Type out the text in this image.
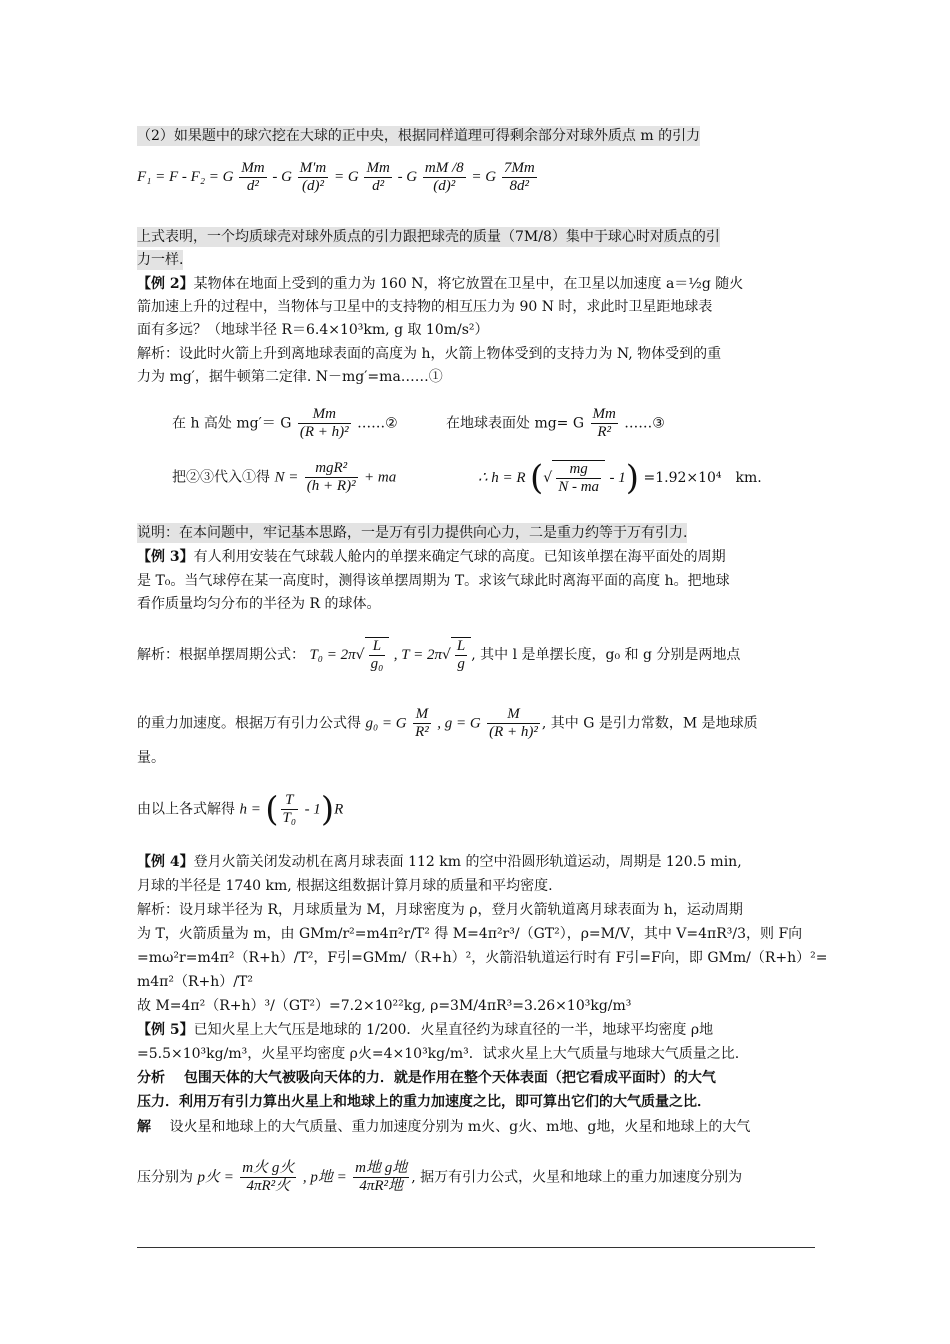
（2）如果题中的球穴挖在大球的正中央，根据同样道理可得剩余部分对球外质点 m 的引力
F₁ = F - F₂ = G $\frac{Mm}{\text{d²}} - G \frac{M'm}{\text{(d)²}} = G \frac{Mm}{\text{d²}} - G \frac{mM /8}{\text{(d)²}} = G \frac{7Mm}{\text{8d²}}$
上式表明，一个均质球壳对球外质点的引力跟把球壳的质量（7M/8）集中于球心时对质点的引
力一样.
【例 2】某物体在地面上受到的重力为 160 N，将它放置在卫星中，在卫星以加速度 a＝½g 随火
箭加速上升的过程中，当物体与卫星中的支持物的相互压力为 90 N 时，求此时卫星距地球表
面有多远？（地球半径 R＝6.4×10³km, g 取 10m/s²）
解析：设此时火箭上升到离地球表面的高度为 h，火箭上物体受到的支持力为 N, 物体受到的重
力为 mg′，据牛顿第二定律. N－mg′=ma……①
在 h 高处 mg′＝ G $\frac{Mm}{\text{(R + h)²}}$ ……②	在地球表面处 mg= G $\frac{Mm}{\text{R²}}$ ……③
把②③代入①得 $N = \frac{\text{mgR²}}{\text{(h + R)²}}$ + ma	∴ h = R (√ $\frac{mg}{N - ma} - 1) =1.92\times 10^4$　km.
说明：在本问题中，牢记基本思路，一是万有引力提供向心力，二是重力约等于万有引力.
【例 3】有人利用安装在气球载人舱内的单摆来确定气球的高度。已知该单摆在海平面处的周期
是 T₀。当气球停在某一高度时，测得该单摆周期为 T。求该气球此时离海平面的高度 h。把地球
看作质量均匀分布的半径为 R 的球体。
解析：根据单摆周期公式： $T_0 = 2\pi√ \frac{L}{\text{g₀}}$ , $T = 2\pi√ \frac{L}{g}$ , 其中 l 是单摆长度，g₀ 和 g 分别是两地点
的重力加速度。根据万有引力公式得 g₀ = G $\frac{M}{\text{R²}}$ , g = G $\frac{M}{\text{(R + h)²}}$ , 其中 G 是引力常数，M 是地球质
量。
由以上各式解得 h = ( $\frac{T}{\text{T₀}} - 1)R$
【例 4】登月火箭关闭发动机在离月球表面 112 km 的空中沿圆形轨道运动，周期是 120.5 min,
月球的半径是 1740 km, 根据这组数据计算月球的质量和平均密度.
解析：设月球半径为 R，月球质量为 M，月球密度为 ρ，登月火箭轨道离月球表面为 h，运动周期
为 T，火箭质量为 m，由 GMm/r²=m4π²r/T² 得 M=4π²r³/（GT²），ρ=M/V，其中 V=4πR³/3，则 F向
=mω²r=m4π²（R+h）/T²，F引=GMm/（R+h）²，火箭沿轨道运行时有 F引=F向，即 GMm/（R+h）²=
m4π²（R+h）/T²
故 M=4π²（R+h）³/（GT²）=7.2×10²²kg, ρ=3M/4πR³=3.26×10³kg/m³
【例 5】已知火星上大气压是地球的 1/200．火星直径约为球直径的一半，地球平均密度 ρ地
=5.5×10³kg/m³，火星平均密度 ρ火=4×10³kg/m³．试求火星上大气质量与地球大气质量之比.
分析　 包围天体的大气被吸向天体的力．就是作用在整个天体表面（把它看成平面时）的大气
压力．利用万有引力算出火星上和地球上的重力加速度之比，即可算出它们的大气质量之比．
解　 设火星和地球上的大气质量、重力加速度分别为 m火、g火、m地、g地，火星和地球上的大气
压分别为 p火 = $\frac{\text{m火 g火}}{\text{4πR²火}}$ , p地 = $\frac{\text{m地 g地}}{\text{4πR²地}}$ , 据万有引力公式，火星和地球上的重力加速度分别为
